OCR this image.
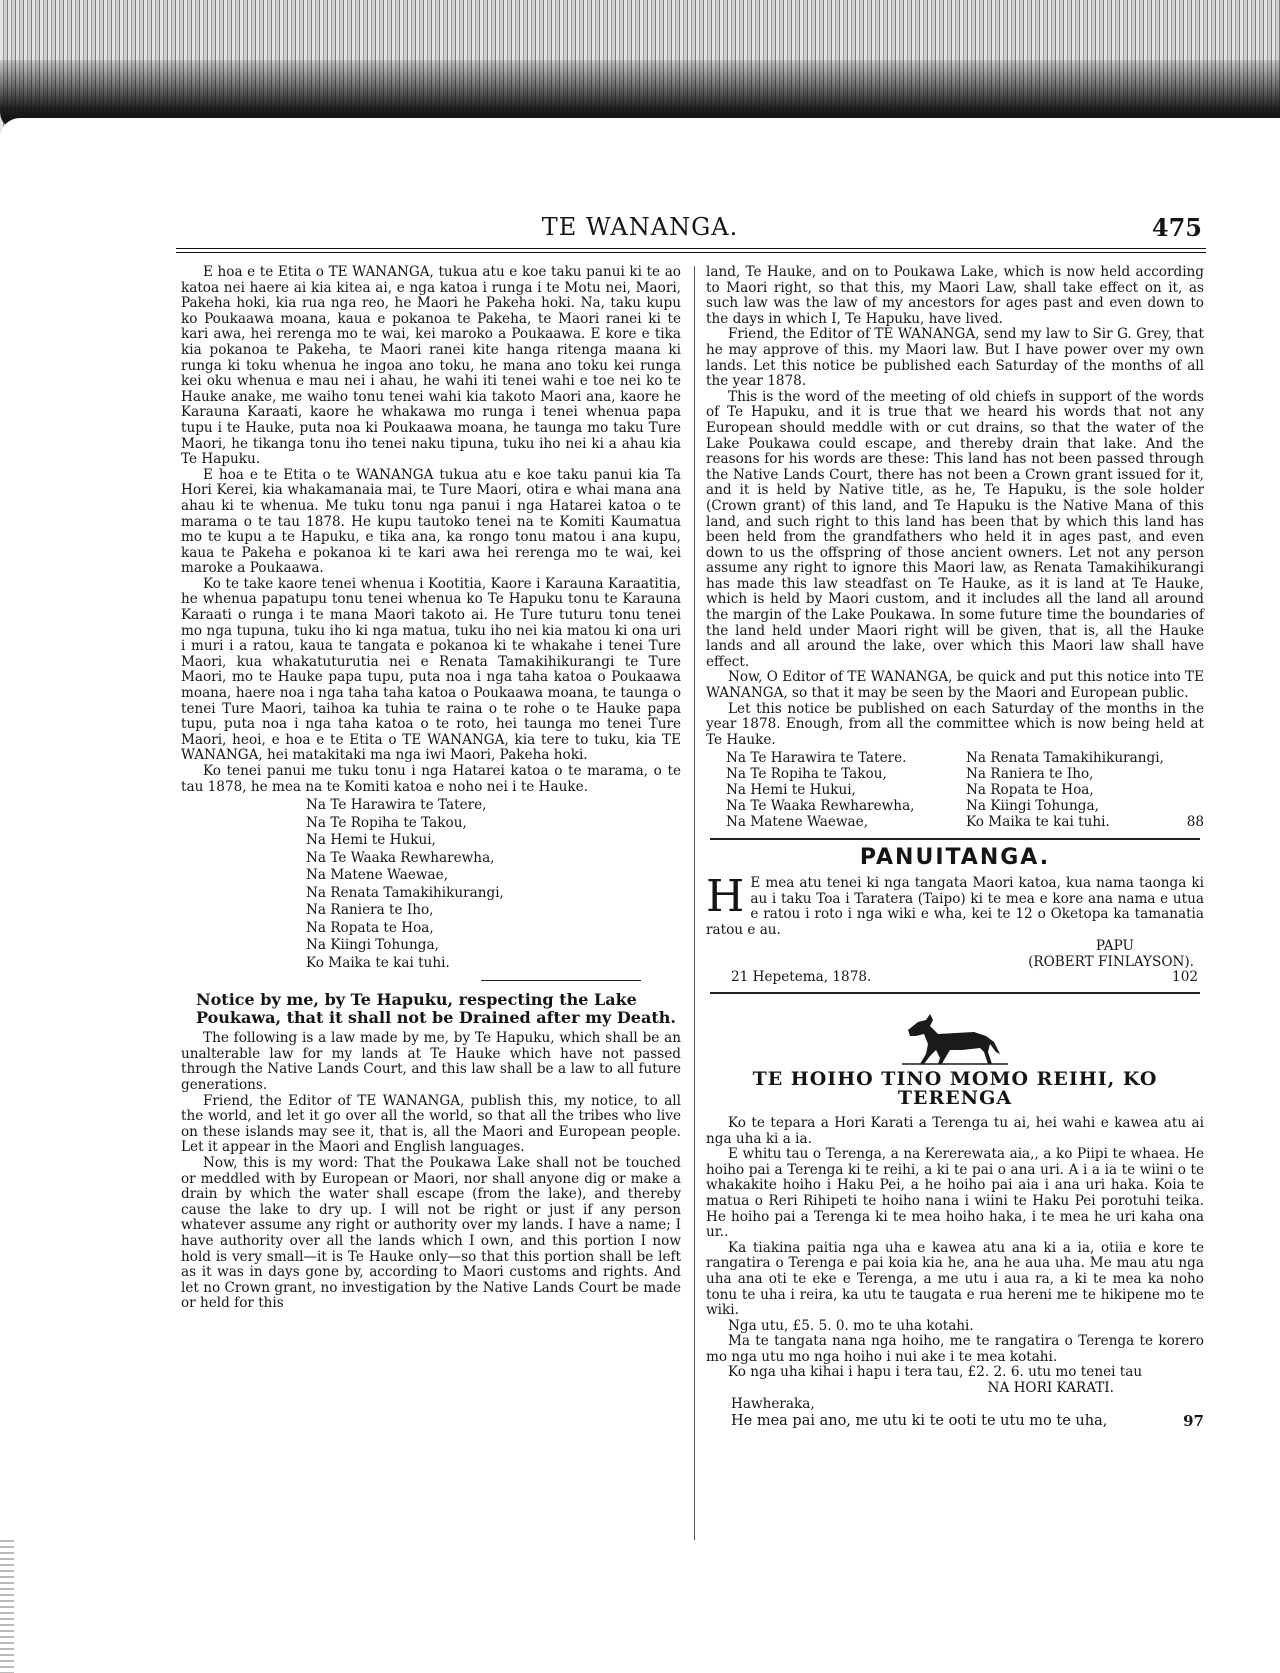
TE WANANGA.	475

E hoa e te Etita o TE WANANGA, tukua atu e koe taku panui ki te ao katoa nei haere ai kia kitea ai, e nga katoa i runga i te Motu nei, Maori, Pakeha hoki, kia rua nga reo, he Maori he Pakeha hoki. Na, taku kupu ko Poukaawa moana, kaua e pokanoa te Pakeha, te Maori ranei ki te kari awa, hei rerenga mo te wai, kei maroko a Poukaawa. E kore e tika kia pokanoa te Pakeha, te Maori ranei kite hanga ritenga maana ki runga ki toku whenua he ingoa ano toku, he mana ano toku kei runga kei oku whenua e mau nei i ahau, he wahi iti tenei wahi e toe nei ko te Hauke anake, me waiho tonu tenei wahi kia takoto Maori ana, kaore he Karauna Karaati, kaore he whakawa mo runga i tenei whenua papa tupu i te Hauke, puta noa ki Poukaawa moana, he taunga mo taku Ture Maori, he tikanga tonu iho tenei naku tipuna, tuku iho nei ki a ahau kia Te Hapuku.

E hoa e te Etita o te WANANGA tukua atu e koe taku panui kia Ta Hori Kerei, kia whakamanaia mai, te Ture Maori, otira e whai mana ana ahau ki te whenua. Me tuku tonu nga panui i nga Hatarei katoa o te marama o te tau 1878. He kupu tautoko tenei na te Komiti Kaumatua mo te kupu a te Hapuku, e tika ana, ka rongo tonu matou i ana kupu, kaua te Pakeha e pokanoa ki te kari awa hei rerenga mo te wai, kei maroke a Poukaawa.

Ko te take kaore tenei whenua i Kootitia, Kaore i Karauna Karaatitia, he whenua papatupu tonu tenei whenua ko Te Hapuku tonu te Karauna Karaati o runga i te mana Maori takoto ai. He Ture tuturu tonu tenei mo nga tupuna, tuku iho ki nga matua, tuku iho nei kia matou ki ona uri i muri i a ratou, kaua te tangata e pokanoa ki te whakahe i tenei Ture Maori, kua whakatuturutia nei e Renata Tamakihikurangi te Ture Maori, mo te Hauke papa tupu, puta noa i nga taha katoa o Poukaawa moana, haere noa i nga taha taha katoa o Poukaawa moana, te taunga o tenei Ture Maori, taihoa ka tuhia te raina o te rohe o te Hauke papa tupu, puta noa i nga taha katoa o te roto, hei taunga mo tenei Ture Maori, heoi, e hoa e te Etita o TE WANANGA, kia tere to tuku, kia TE WANANGA, hei matakitaki ma nga iwi Maori, Pakeha hoki.

Ko tenei panui me tuku tonu i nga Hatarei katoa o te marama, o te tau 1878, he mea na te Komiti katoa e noho nei i te Hauke.

Na Te Harawira te Tatere,
Na Te Ropiha te Takou,
Na Hemi te Hukui,
Na Te Waaka Rewharewha,
Na Matene Waewae,
Na Renata Tamakihikurangi,
Na Raniera te Iho,
Na Ropata te Hoa,
Na Kiingi Tohunga,
Ko Maika te kai tuhi.
Notice by me, by Te Hapuku, respecting the Lake Poukawa, that it shall not be Drained after my Death.

The following is a law made by me, by Te Hapuku, which shall be an unalterable law for my lands at Te Hauke which have not passed through the Native Lands Court, and this law shall be a law to all future generations.

Friend, the Editor of TE WANANGA, publish this, my notice, to all the world, and let it go over all the world, so that all the tribes who live on these islands may see it, that is, all the Maori and European people. Let it appear in the Maori and English languages.

Now, this is my word: That the Poukawa Lake shall not be touched or meddled with by European or Maori, nor shall anyone dig or make a drain by which the water shall escape (from the lake), and thereby cause the lake to dry up. I will not be right or just if any person whatever assume any right or authority over my lands. I have a name; I have authority over all the lands which I own, and this portion I now hold is very small—it is Te Hauke only—so that this portion shall be left as it was in days gone by, according to Maori customs and rights. And let no Crown grant, no investigation by the Native Lands Court be made or held for this

land, Te Hauke, and on to Poukawa Lake, which is now held according to Maori right, so that this, my Maori Law, shall take effect on it, as such law was the law of my ancestors for ages past and even down to the days in which I, Te Hapuku, have lived.

Friend, the Editor of TE WANANGA, send my law to Sir G. Grey, that he may approve of this. my Maori law. But I have power over my own lands. Let this notice be published each Saturday of the months of all the year 1878.

This is the word of the meeting of old chiefs in support of the words of Te Hapuku, and it is true that we heard his words that not any European should meddle with or cut drains, so that the water of the Lake Poukawa could escape, and thereby drain that lake. And the reasons for his words are these: This land has not been passed through the Native Lands Court, there has not been a Crown grant issued for it, and it is held by Native title, as he, Te Hapuku, is the sole holder (Crown grant) of this land, and Te Hapuku is the Native Mana of this land, and such right to this land has been that by which this land has been held from the grandfathers who held it in ages past, and even down to us the offspring of those ancient owners. Let not any person assume any right to ignore this Maori law, as Renata Tamakihikurangi has made this law steadfast on Te Hauke, as it is land at Te Hauke, which is held by Maori custom, and it includes all the land all around the margin of the Lake Poukawa. In some future time the boundaries of the land held under Maori right will be given, that is, all the Hauke lands and all around the lake, over which this Maori law shall have effect.

Now, O Editor of TE WANANGA, be quick and put this notice into TE WANANGA, so that it may be seen by the Maori and European public.

Let this notice be published on each Saturday of the months in the year 1878. Enough, from all the committee which is now being held at Te Hauke.

Na Te Harawira te Tatere.	Na Renata Tamakihikurangi,
Na Te Ropiha te Takou,	Na Raniera te Iho,
Na Hemi te Hukui,	Na Ropata te Hoa,
Na Te Waaka Rewharewha,	Na Kiingi Tohunga,
Na Matene Waewae,	Ko Maika te kai tuhi.	88
PANUITANGA.

H E mea atu tenei ki nga tangata Maori katoa, kua nama taonga ki au i taku Toa i Taratera (Taipo) ki te mea e kore ana nama e utua e ratou i roto i nga wiki e wha, kei te 12 o Oketopa ka tamanatia ratou e au.

PAPU
(ROBERT FINLAYSON).
21 Hepetema, 1878.	102
TE HOIHO TINO MOMO REIHI, KO TERENGA

Ko te tepara a Hori Karati a Terenga tu ai, hei wahi e kawea atu ai nga uha ki a ia.

E whitu tau o Terenga, a na Kererewata aia,, a ko Piipi te whaea. He hoiho pai a Terenga ki te reihi, a ki te pai o ana uri. A i a ia te wiini o te whakakite hoiho i Haku Pei, a he hoiho pai aia i ana uri haka. Koia te matua o Reri Rihipeti te hoiho nana i wiini te Haku Pei porotuhi teika. He hoiho pai a Terenga ki te mea hoiho haka, i te mea he uri kaha ona ur..

Ka tiakina paitia nga uha e kawea atu ana ki a ia, otiia e kore te rangatira o Terenga e pai koia kia he, ana he aua uha. Me mau atu nga uha ana oti te eke e Terenga, a me utu i aua ra, a ki te mea ka noho tonu te uha i reira, ka utu te taugata e rua hereni me te hikipene mo te wiki.

Nga utu, £5. 5. 0. mo te uha kotahi.

Ma te tangata nana nga hoiho, me te rangatira o Terenga te korero mo nga utu mo nga hoiho i nui ake i te mea kotahi.

Ko nga uha kihai i hapu i tera tau, £2. 2. 6. utu mo tenei tau

NA HORI KARATI.
Hawheraka,
He mea pai ano, me utu ki te ooti te utu mo te uha,	97
